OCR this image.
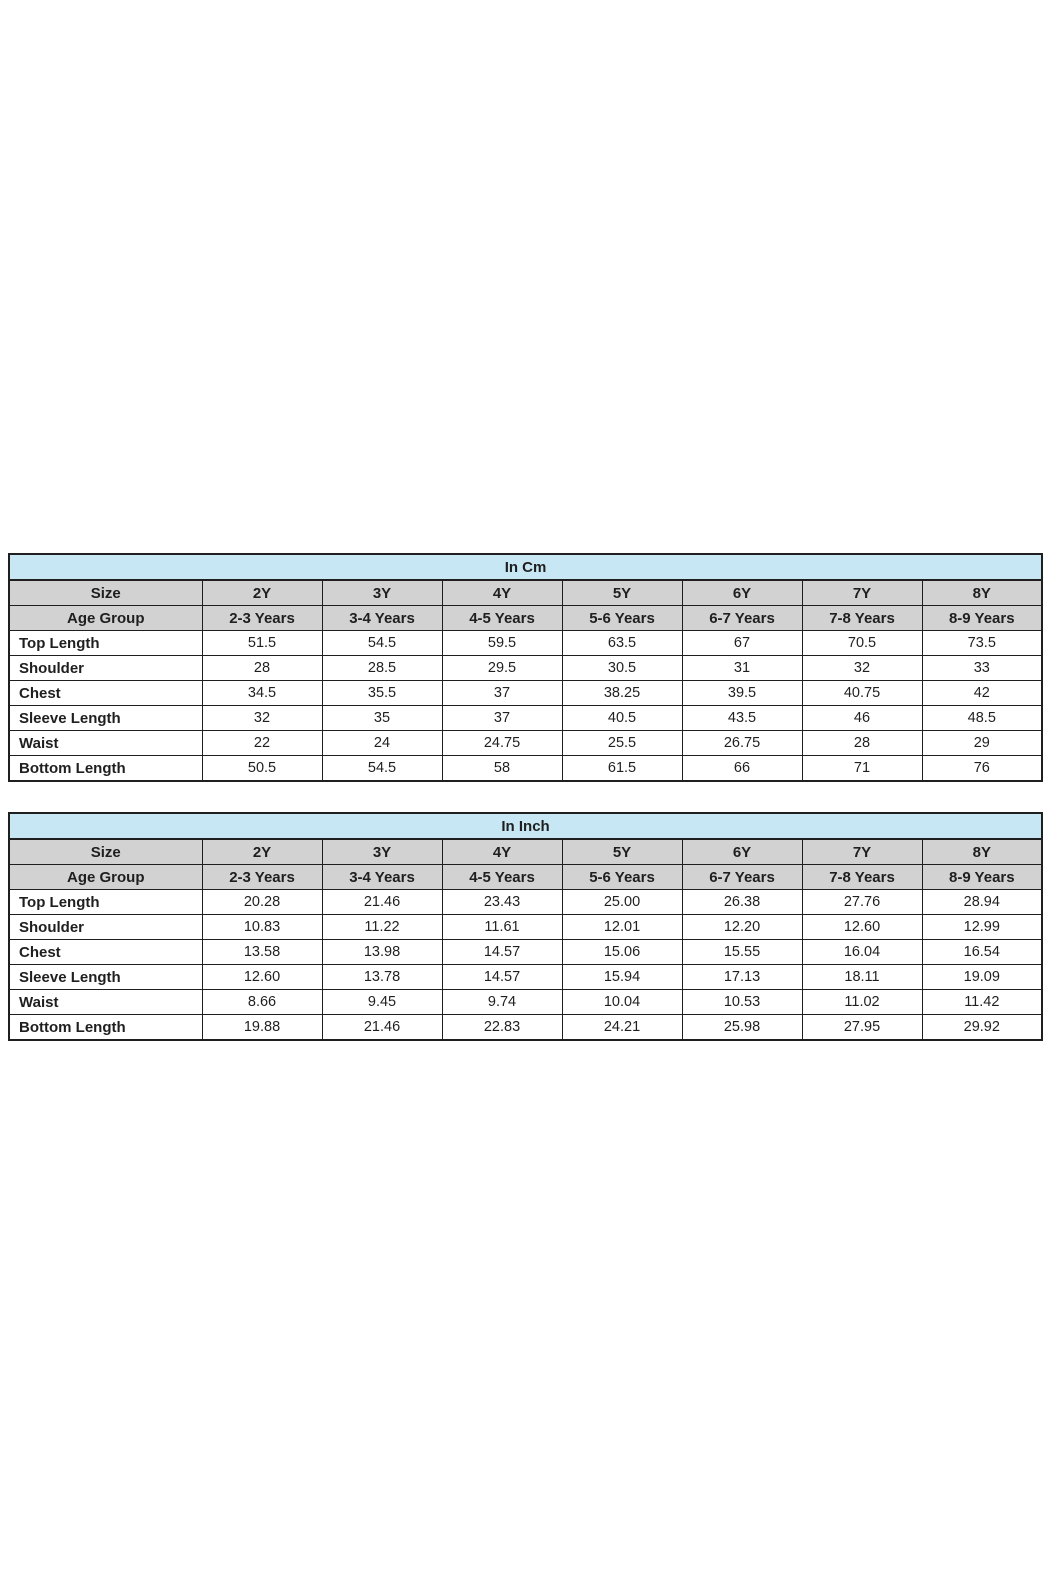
In Cm							
Size	2Y	3Y	4Y	5Y	6Y	7Y	8Y
Age Group	2-3 Years	3-4 Years	4-5 Years	5-6 Years	6-7 Years	7-8 Years	8-9 Years
Top Length	51.5	54.5	59.5	63.5	67	70.5	73.5
Shoulder	28	28.5	29.5	30.5	31	32	33
Chest	34.5	35.5	37	38.25	39.5	40.75	42
Sleeve Length	32	35	37	40.5	43.5	46	48.5
Waist	22	24	24.75	25.5	26.75	28	29
Bottom Length	50.5	54.5	58	61.5	66	71	76
In Inch							
Size	2Y	3Y	4Y	5Y	6Y	7Y	8Y
Age Group	2-3 Years	3-4 Years	4-5 Years	5-6 Years	6-7 Years	7-8 Years	8-9 Years
Top Length	20.28	21.46	23.43	25.00	26.38	27.76	28.94
Shoulder	10.83	11.22	11.61	12.01	12.20	12.60	12.99
Chest	13.58	13.98	14.57	15.06	15.55	16.04	16.54
Sleeve Length	12.60	13.78	14.57	15.94	17.13	18.11	19.09
Waist	8.66	9.45	9.74	10.04	10.53	11.02	11.42
Bottom Length	19.88	21.46	22.83	24.21	25.98	27.95	29.92
